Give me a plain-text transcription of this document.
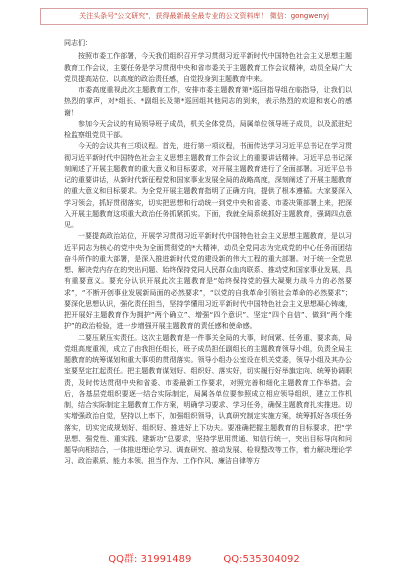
关注头条号"公文研究"，获得最新最全最专业的公文资料库！ 微信：gongwenyj

同志们：

按照市委工作部署，今天我们组织召开学习贯彻习近平新时代中国特色社会主义思想主题教育工作会议，主要任务是学习贯彻中央和省市委关于主题教育工作会议精神，动员全局广大党员提高站位、以高度的政治责任感，自觉投身到主题教育中来。

市委高度重视此次主题教育工作，安排市委主题教育第*巡回指导组在临指导，让我们以热烈的掌声，对*组长、*副组长及第*巡回组其他同志的到来，表示热烈的欢迎和衷心的感谢！

参加今天会议的有局领导班子成员，机关全体党员，局属单位领导班子成员，以及派驻纪检监察组党员干部。

今天的会议共有三项议程。首先，进行第一项议程，书面传达学习习近平总书记在学习贯彻习近平新时代中国特色社会主义思想主题教育工作会议上的重要讲话精神。习近平总书记深刻阐述了开展主题教育的重大意义和目标要求，对开展主题教育进行了全面部署。习近平总书记的重要讲话，从新时代新征程党和国家事业发展全局的战略高度，深刻阐述了开展主题教育的重大意义和目标要求。为全党开展主题教育指明了正确方向，提供了根本遵循。大家要深入学习领会，抓好贯彻落实，切实把思想和行动统一到党中央和省委、市委决策部署上来，把深入开展主题教育这项重大政治任务抓紧抓实。下面，我就全局系统抓好主题教育，强调四点意见。

一要提高政治站位，开展学习贯彻习近平新时代中国特色社会主义思想主题教育，是以习近平同志为核心的党中央为全面贯彻党的*大精神，动员全党同志为完成党的中心任务而团结奋斗所作的重大部署，是深入推进新时代党的建设新的伟大工程的重大部署。对于统一全党思想、解决党内存在的突出问题、始终保持党同人民群众血肉联系、推动党和国家事业发展，具有重要意义。要充分认识开展此次主题教育是“始终保持党的强大凝聚力战斗力的必然要求”，“不断开创事业发展新局面的必然要求”，“以党的自我革命引领社会革命的必然要求”；要深化思想认识，强化责任担当，坚持学懂用习近平新时代中国特色社会主义思想凝心铸魂，把开展好主题教育作为拥护“两个确立”、增强“四个意识”、坚定“四个自信”、做到“两个维护”的政治检验，进一步增强开展主题教育的责任感和使命感。

二要压紧压实责任。这次主题教育是一件事关全局的大事，时间紧、任务重、要求高，局党组高度重视，成立了由我担任组长，班子成员担任副组长的主题教育领导小组，负责全局主题教育的统筹谋划和重大事项的贯彻落实。领导小组办公室设在机关党委，领导小组及其办公室要坚定扛起责任。把主题教育谋划好、组织好、落实好，切实履行好举旗定向、统筹协调职责，及时传达贯彻中央和省委、市委最新工作要求，对照完善和细化主题教育工作举措。会后，各基层党组织要逐一结合实际制定，局属各单位要参照成立相应领导组织，建立工作机制，结合实际制定主题教育工作方案，明确学习要求、学习任务，确保主题教育扎实推进。切实增强政治自觉，坚持以上率下，加强组织领导，认真研究制定实施方案，统筹抓好各项任务落实，切实完成规划好、组织好、推进好上下功夫。要准确把握主题教育的目标要求，把“学思想、强党性、重实践、建新功”总要求，坚持学思用贯通、知信行统一，突出目标导向和问题导向相结合，一体推进理论学习、调查研究、推动发展、检视整改等工作，着力解决理论学习、政治素质、能力本领、担当作为、工作作风、廉洁自律等方

QQ群: 31991489	QQ:535304092
